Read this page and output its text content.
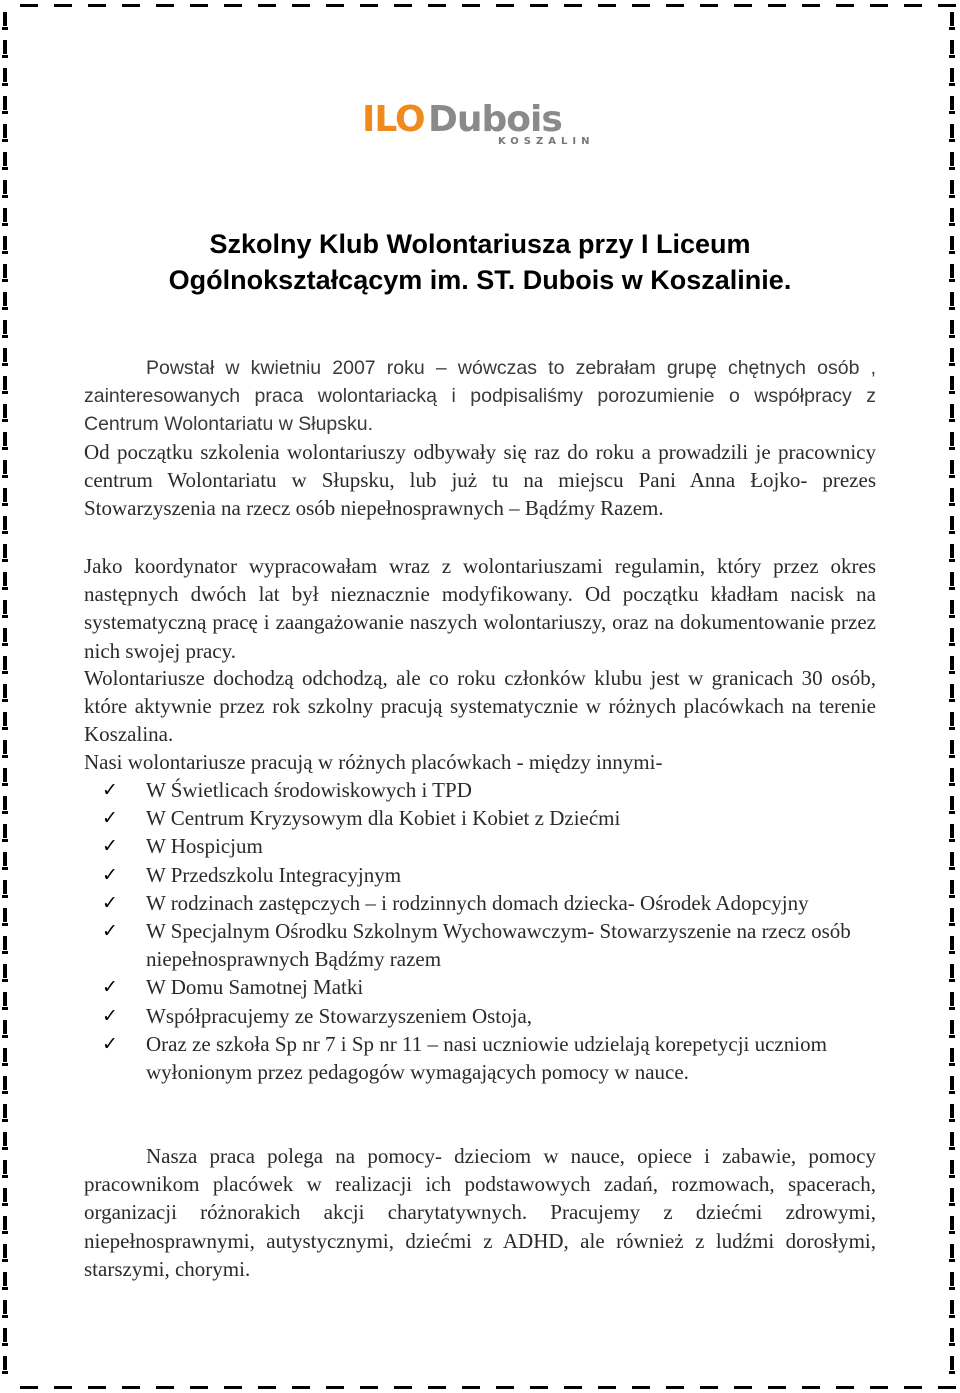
ILO Dubois
KOSZALIN
Szkolny Klub Wolontariusza przy I Liceum
Ogólnokształcącym im. ST. Dubois w Koszalinie.

Powstał w kwietniu 2007 roku – wówczas to zebrałam grupę chętnych osób , zainteresowanych praca wolontariacką i podpisaliśmy porozumienie o współpracy z Centrum Wolontariatu w Słupsku.

Od początku szkolenia wolontariuszy odbywały się raz do roku a prowadzili je pracownicy centrum Wolontariatu w Słupsku, lub już tu na miejscu Pani Anna Łojko- prezes Stowarzyszenia na rzecz osób niepełnosprawnych – Bądźmy Razem.

Jako koordynator wypracowałam wraz z wolontariuszami regulamin, który przez okres następnych dwóch lat był nieznacznie modyfikowany. Od początku kładłam nacisk na systematyczną pracę i zaangażowanie naszych wolontariuszy, oraz na dokumentowanie przez nich swojej pracy.

Wolontariusze dochodzą odchodzą, ale co roku członków klubu jest w granicach 30 osób, które aktywnie przez rok szkolny pracują systematycznie w różnych placówkach na terenie Koszalina.

Nasi wolontariusze pracują w różnych placówkach - między innymi-

✓ W Świetlicach środowiskowych i TPD
✓ W Centrum Kryzysowym dla Kobiet i Kobiet z Dziećmi
✓ W Hospicjum
✓ W Przedszkolu Integracyjnym
✓ W rodzinach zastępczych – i rodzinnych domach dziecka- Ośrodek Adopcyjny
✓ W Specjalnym Ośrodku Szkolnym Wychowawczym- Stowarzyszenie na rzecz osób niepełnosprawnych Bądźmy razem
✓ W Domu Samotnej Matki
✓ Współpracujemy ze Stowarzyszeniem Ostoja,
✓ Oraz ze szkoła Sp nr 7 i Sp nr 11 – nasi uczniowie udzielają korepetycji uczniom wyłonionym przez pedagogów wymagających pomocy w nauce.

Nasza praca polega na pomocy- dzieciom w nauce, opiece i zabawie, pomocy pracownikom placówek w realizacji ich podstawowych zadań, rozmowach, spacerach, organizacji różnorakich akcji charytatywnych. Pracujemy z dziećmi zdrowymi, niepełnosprawnymi, autystycznymi, dziećmi z ADHD, ale również z ludźmi dorosłymi, starszymi, chorymi.
